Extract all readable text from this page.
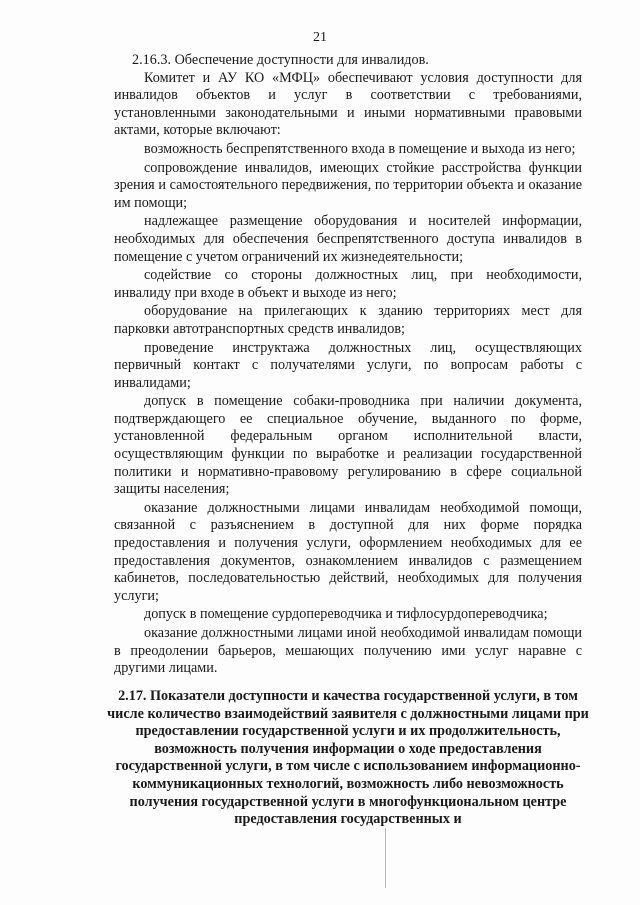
21

2.16.3. Обеспечение доступности для инвалидов.

Комитет и АУ КО «МФЦ» обеспечивают условия доступности для инвалидов объектов и услуг в соответствии с требованиями, установленными законодательными и иными нормативными правовыми актами, которые включают:

возможность беспрепятственного входа в помещение и выхода из него;

сопровождение инвалидов, имеющих стойкие расстройства функции зрения и самостоятельного передвижения, по территории объекта и оказание им помощи;

надлежащее размещение оборудования и носителей информации, необходимых для обеспечения беспрепятственного доступа инвалидов в помещение с учетом ограничений их жизнедеятельности;

содействие со стороны должностных лиц, при необходимости, инвалиду при входе в объект и выходе из него;

оборудование на прилегающих к зданию территориях мест для парковки автотранспортных средств инвалидов;

проведение инструктажа должностных лиц, осуществляющих первичный контакт с получателями услуги, по вопросам работы с инвалидами;

допуск в помещение собаки-проводника при наличии документа, подтверждающего ее специальное обучение, выданного по форме, установленной федеральным органом исполнительной власти, осуществляющим функции по выработке и реализации государственной политики и нормативно-правовому регулированию в сфере социальной защиты населения;

оказание должностными лицами инвалидам необходимой помощи, связанной с разъяснением в доступной для них форме порядка предоставления и получения услуги, оформлением необходимых для ее предоставления документов, ознакомлением инвалидов с размещением кабинетов, последовательностью действий, необходимых для получения услуги;

допуск в помещение сурдопереводчика и тифлосурдопереводчика;

оказание должностными лицами иной необходимой инвалидам помощи в преодолении барьеров, мешающих получению ими услуг наравне с другими лицами.

2.17. Показатели доступности и качества государственной услуги, в том числе количество взаимодействий заявителя с должностными лицами при предоставлении государственной услуги и их продолжительность, возможность получения информации о ходе предоставления государственной услуги, в том числе с использованием информационно-коммуникационных технологий, возможность либо невозможность получения государственной услуги в многофункциональном центре предоставления государственных и
